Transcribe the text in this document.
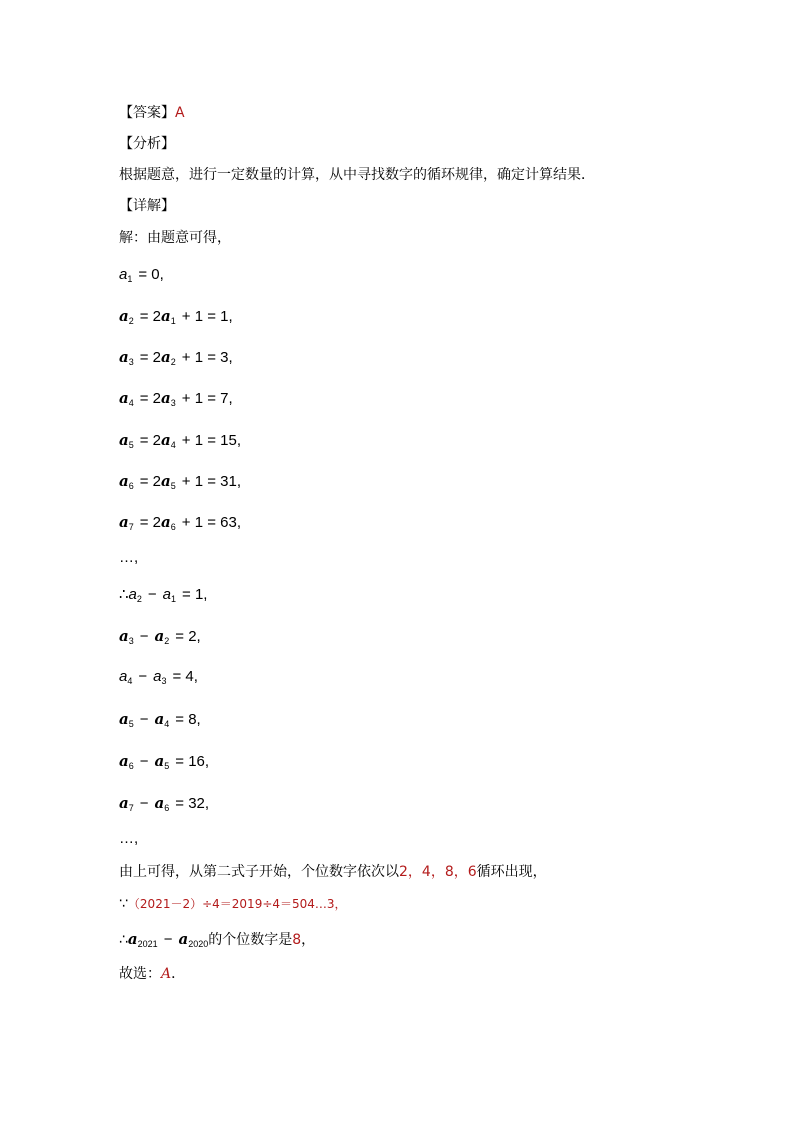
【答案】A
【分析】
根据题意，进行一定数量的计算，从中寻找数字的循环规律，确定计算结果．
【详解】
解：由题意可得，
$a_1 = 0$,
$a_2 = 2a_1 + 1 = 1$,
$a_3 = 2a_2 + 1 = 3$,
$a_4 = 2a_3 + 1 = 7$,
$a_5 = 2a_4 + 1 = 15$,
$a_6 = 2a_5 + 1 = 31$,
$a_7 = 2a_6 + 1 = 63$,
…,
$\therefore a_2 - a_1 = 1$,
$a_3 - a_2 = 2$,
$a_4 - a_3 = 4$,
$a_5 - a_4 = 8$,
$a_6 - a_5 = 16$,
$a_7 - a_6 = 32$,
…,
由上可得，从第二式子开始，个位数字依次以2，4，8，6循环出现，
∵（2021－2）÷4＝2019÷4＝504…3，
$\therefore a_{2021} - a_{2020}$的个位数字是8，
故选：A．
